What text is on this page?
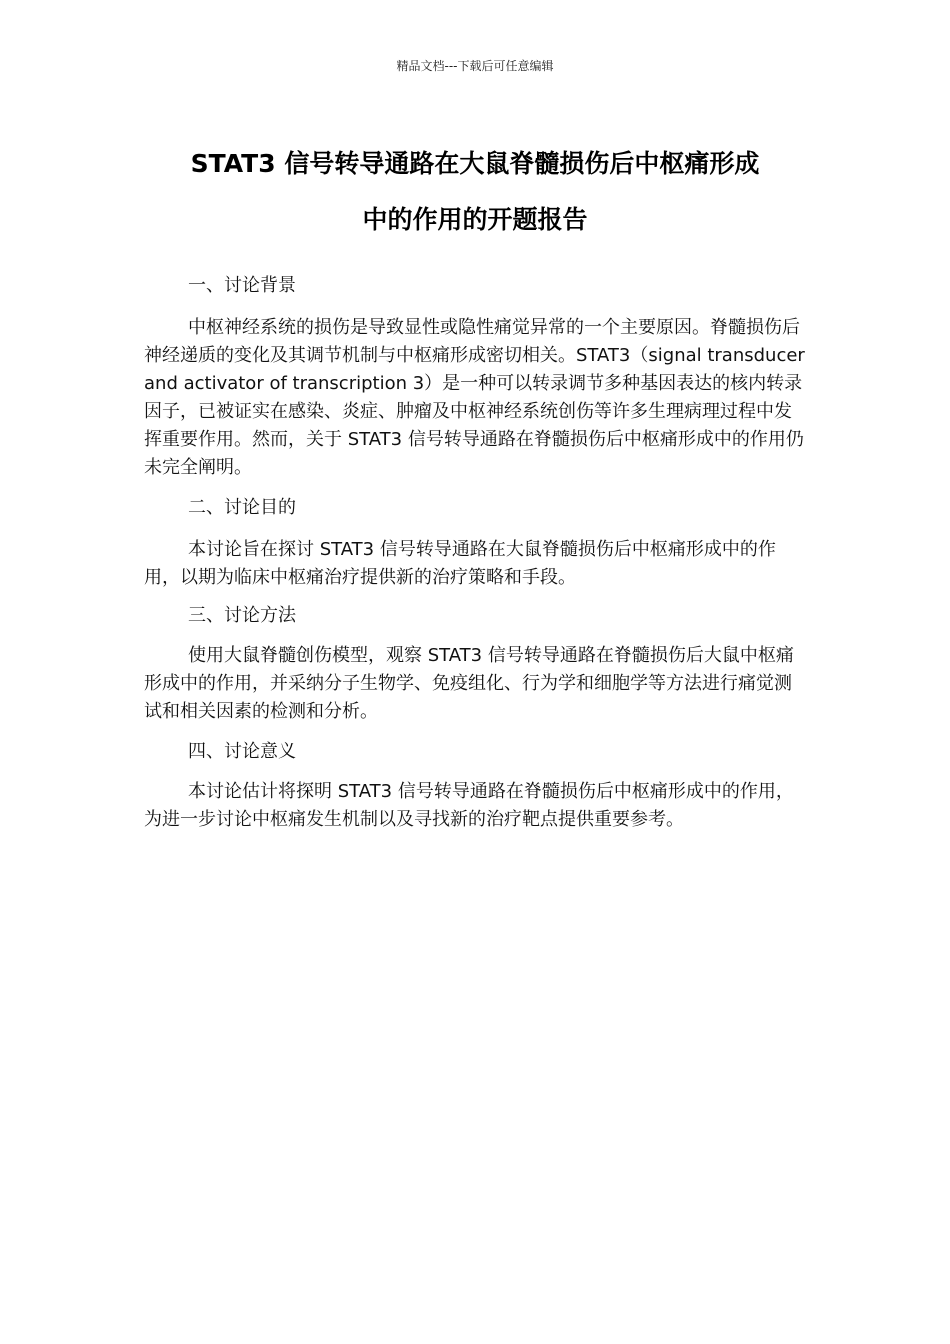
精品文档---下载后可任意编辑
STAT3 信号转导通路在大鼠脊髓损伤后中枢痛形成
中的作用的开题报告

一、讨论背景

中枢神经系统的损伤是导致显性或隐性痛觉异常的一个主要原因。脊髓损伤后神经递质的变化及其调节机制与中枢痛形成密切相关。STAT3（signal transducer and activator of transcription 3）是一种可以转录调节多种基因表达的核内转录因子，已被证实在感染、炎症、肿瘤及中枢神经系统创伤等许多生理病理过程中发挥重要作用。然而，关于 STAT3 信号转导通路在脊髓损伤后中枢痛形成中的作用仍未完全阐明。

二、讨论目的

本讨论旨在探讨 STAT3 信号转导通路在大鼠脊髓损伤后中枢痛形成中的作用，以期为临床中枢痛治疗提供新的治疗策略和手段。

三、讨论方法

使用大鼠脊髓创伤模型，观察 STAT3 信号转导通路在脊髓损伤后大鼠中枢痛形成中的作用，并采纳分子生物学、免疫组化、行为学和细胞学等方法进行痛觉测试和相关因素的检测和分析。

四、讨论意义

本讨论估计将探明 STAT3 信号转导通路在脊髓损伤后中枢痛形成中的作用，为进一步讨论中枢痛发生机制以及寻找新的治疗靶点提供重要参考。
